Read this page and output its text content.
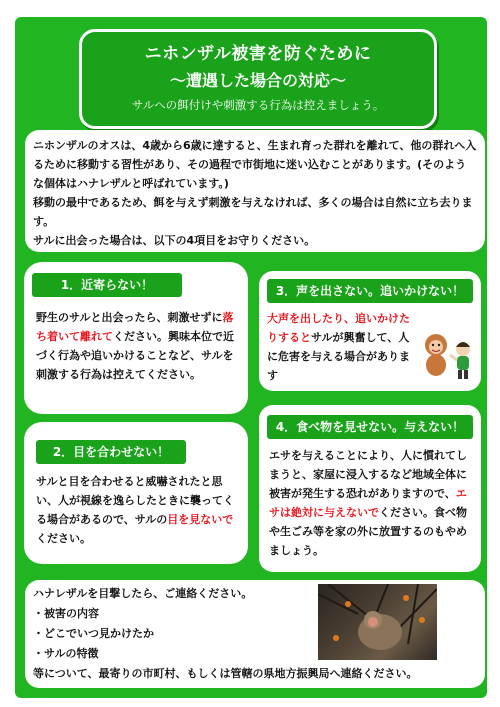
ニホンザル被害を防ぐために
～遭遇した場合の対応～
サルへの餌付けや刺激する行為は控えましょう。

ニホンザルのオスは、4歳から6歳に達すると、生まれ育った群れを離れて、他の群れへ入るために移動する習性があり、その過程で市街地に迷い込むことがあります。(そのような個体はハナレザルと呼ばれています。)

移動の最中であるため、餌を与えず刺激を与えなければ、多くの場合は自然に立ち去ります。

サルに出会った場合は、以下の4項目をお守りください。

1．近寄らない！

野生のサルと出会ったら、刺激せずに落ち着いて離れてください。興味本位で近づく行為や追いかけることなど、サルを刺激する行為は控えてください。

2．目を合わせない！

サルと目を合わせると威嚇されたと思い、人が視線を逸らしたときに襲ってくる場合があるので、サルの目を見ないでください。

3．声を出さない。追いかけない！

大声を出したり、追いかけたりするとサルが興奮して、人に危害を与える場合があります

4．食べ物を見せない。与えない！

エサを与えることにより、人に慣れてしまうと、家屋に浸入するなど地域全体に被害が発生する恐れがありますので、エサは絶対に与えないでください。食べ物や生ごみ等を家の外に放置するのもやめましょう。

ハナレザルを目撃したら、ご連絡ください。
・被害の内容
・どこでいつ見かけたか
・サルの特徴
等について、最寄りの市町村、もしくは管轄の県地方振興局へ連絡ください。
